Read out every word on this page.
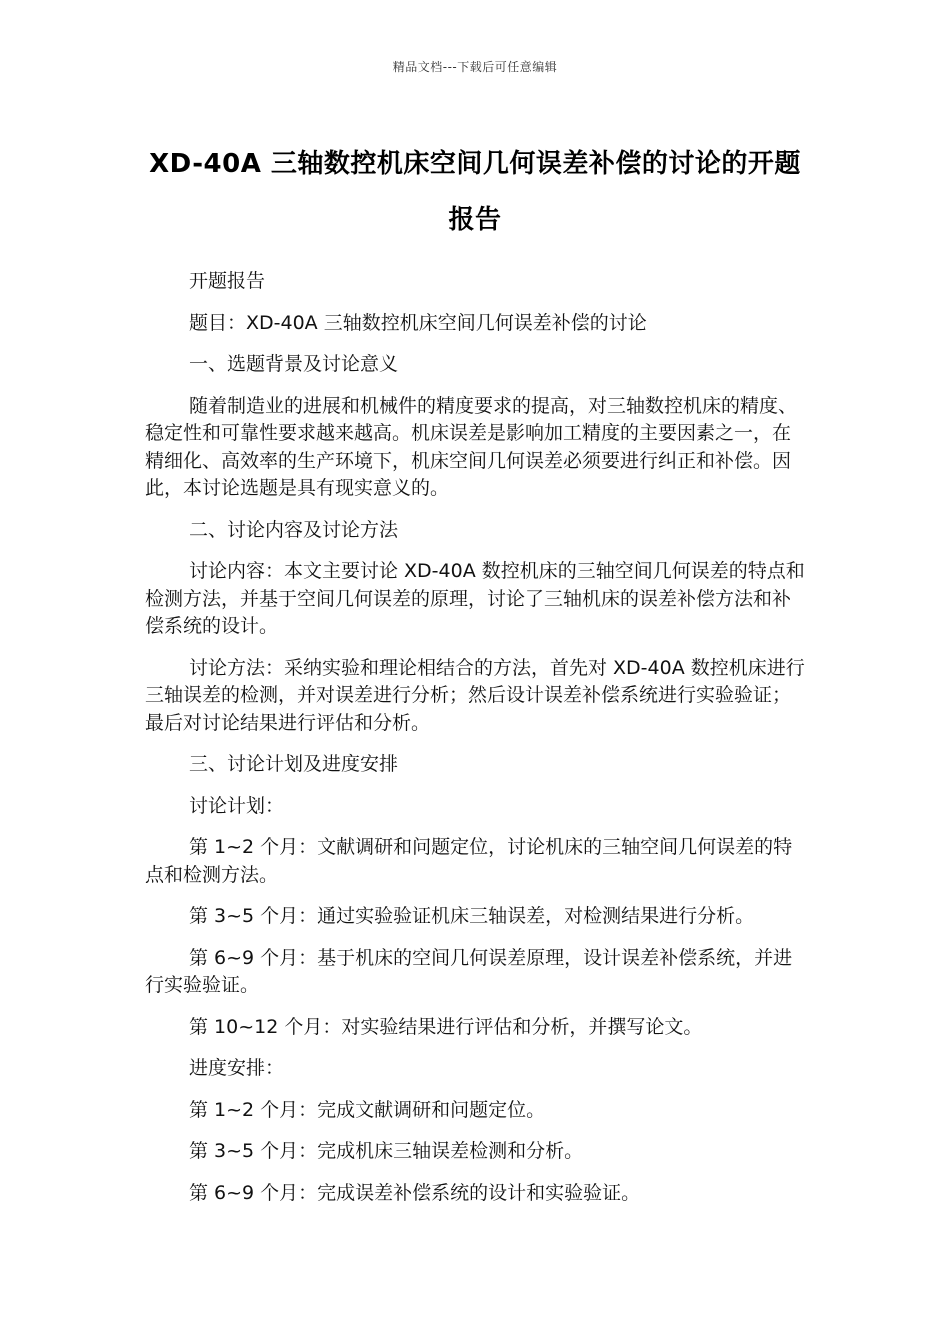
精品文档---下载后可任意编辑
XD-40A 三轴数控机床空间几何误差补偿的讨论的开题报告

开题报告

题目：XD-40A 三轴数控机床空间几何误差补偿的讨论

一、选题背景及讨论意义

随着制造业的进展和机械件的精度要求的提高，对三轴数控机床的精度、稳定性和可靠性要求越来越高。机床误差是影响加工精度的主要因素之一，在精细化、高效率的生产环境下，机床空间几何误差必须要进行纠正和补偿。因此，本讨论选题是具有现实意义的。

二、讨论内容及讨论方法

讨论内容：本文主要讨论 XD-40A 数控机床的三轴空间几何误差的特点和检测方法，并基于空间几何误差的原理，讨论了三轴机床的误差补偿方法和补偿系统的设计。

讨论方法：采纳实验和理论相结合的方法，首先对 XD-40A 数控机床进行三轴误差的检测，并对误差进行分析；然后设计误差补偿系统进行实验验证；最后对讨论结果进行评估和分析。

三、讨论计划及进度安排

讨论计划：

第 1~2 个月：文献调研和问题定位，讨论机床的三轴空间几何误差的特点和检测方法。

第 3~5 个月：通过实验验证机床三轴误差，对检测结果进行分析。

第 6~9 个月：基于机床的空间几何误差原理，设计误差补偿系统，并进行实验验证。

第 10~12 个月：对实验结果进行评估和分析，并撰写论文。

进度安排：

第 1~2 个月：完成文献调研和问题定位。

第 3~5 个月：完成机床三轴误差检测和分析。

第 6~9 个月：完成误差补偿系统的设计和实验验证。
